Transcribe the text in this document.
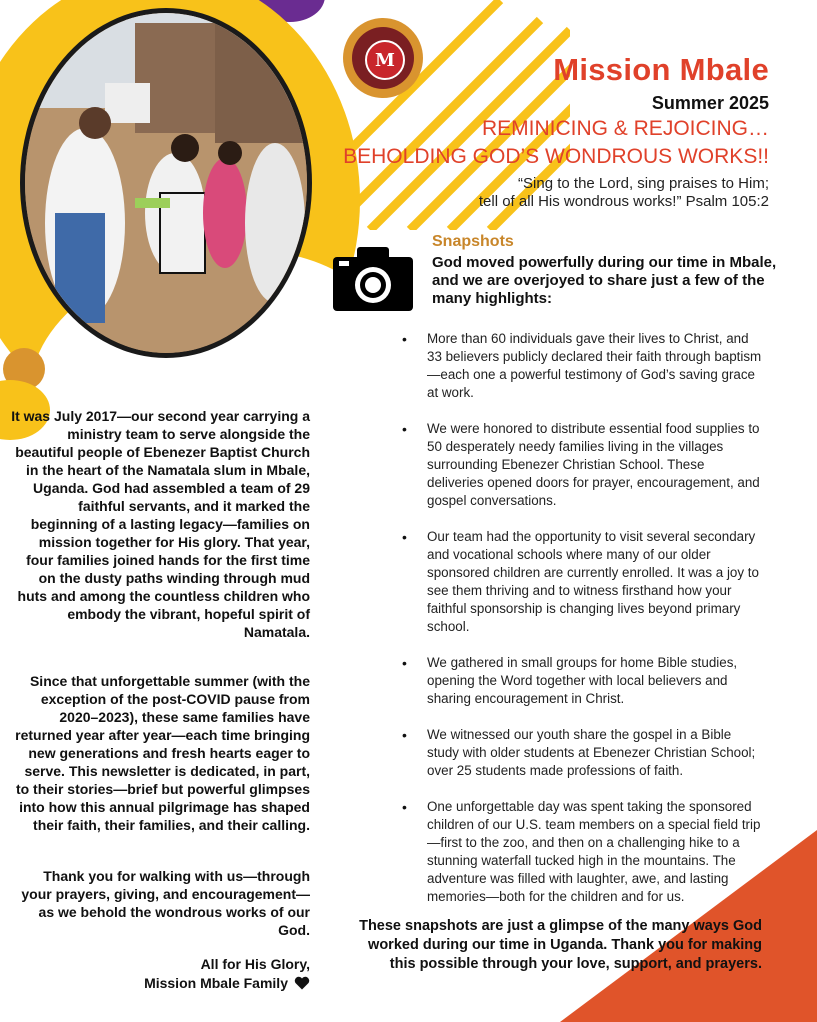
M	Mission Mbale
Summer 2025
REMINICING & REJOICING…
BEHOLDING GOD’S WONDROUS WORKS!!
“Sing to the Lord, sing praises to Him;
tell of all His wondrous works!” Psalm 105:2
Snapshots
God moved powerfully during our time in Mbale, and we are overjoyed to share just a few of the many highlights:
• More than 60 individuals gave their lives to Christ, and 33 believers publicly declared their faith through baptism—each one a powerful testimony of God’s saving grace at work.
• We were honored to distribute essential food supplies to 50 desperately needy families living in the villages surrounding Ebenezer Christian School. These deliveries opened doors for prayer, encouragement, and gospel conversations.
• Our team had the opportunity to visit several secondary and vocational schools where many of our older sponsored children are currently enrolled. It was a joy to see them thriving and to witness firsthand how your faithful sponsorship is changing lives beyond primary school.
• We gathered in small groups for home Bible studies, opening the Word together with local believers and sharing encouragement in Christ.
• We witnessed our youth share the gospel in a Bible study with older students at Ebenezer Christian School; over 25 students made professions of faith.
• One unforgettable day was spent taking the sponsored children of our U.S. team members on a special field trip—first to the zoo, and then on a challenging hike to a stunning waterfall tucked high in the mountains. The adventure was filled with laughter, awe, and lasting memories—both for the children and for us.
These snapshots are just a glimpse of the many ways God worked during our time in Uganda. Thank you for making this possible through your love, support, and prayers.
It was July 2017—our second year carrying a ministry team to serve alongside the beautiful people of Ebenezer Baptist Church in the heart of the Namatala slum in Mbale, Uganda. God had assembled a team of 29 faithful servants, and it marked the beginning of a lasting legacy—families on mission together for His glory. That year, four families joined hands for the first time on the dusty paths winding through mud huts and among the countless children who embody the vibrant, hopeful spirit of Namatala.
Since that unforgettable summer (with the exception of the post-COVID pause from 2020–2023), these same families have returned year after year—each time bringing new generations and fresh hearts eager to serve. This newsletter is dedicated, in part, to their stories—brief but powerful glimpses into how this annual pilgrimage has shaped their faith, their families, and their calling.
Thank you for walking with us—through your prayers, giving, and encouragement—as we behold the wondrous works of our God.
All for His Glory,
Mission Mbale Family
